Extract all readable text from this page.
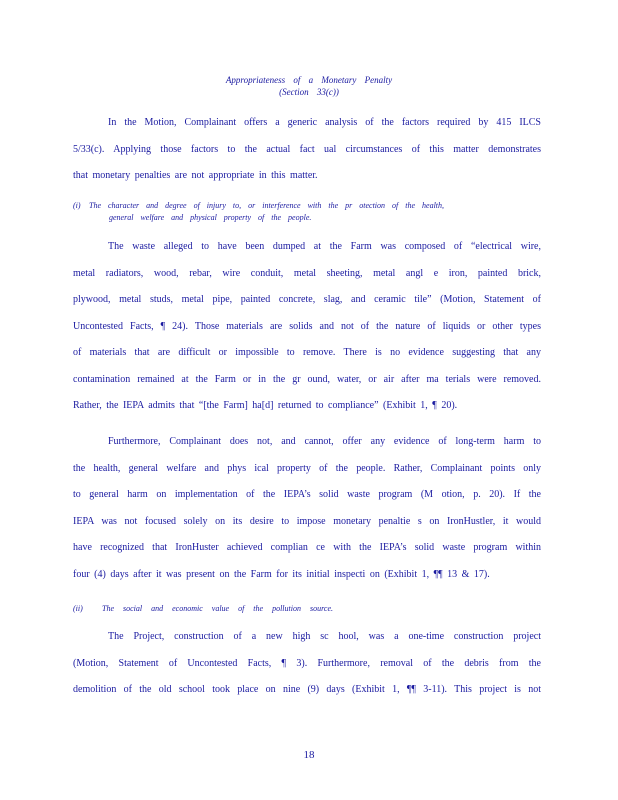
Appropriateness of a Monetary Penalty
(Section 33(c))
In the Motion, Complainant offers a generic analysis of the factors required by 415 ILCS
5/33(c). Applying those factors to the actual fact ual circumstances of this matter demonstrates
that monetary penalties are not appropriate in this matter.
(i) The character and degree of injury to, or interference with the pr otection of the health,
general welfare and physical property of the people.
The waste alleged to have been dumped at the Farm was composed of “electrical wire,
metal radiators, wood, rebar, wire conduit, metal sheeting, metal angl e iron, painted brick,
plywood, metal studs, metal pipe, painted concrete, slag, and ceramic tile” (Motion, Statement of
Uncontested Facts, ¶ 24). Those materials are solids and not of the nature of liquids or other types
of materials that are difficult or impossible to remove. There is no evidence suggesting that any
contamination remained at the Farm or in the gr ound, water, or air after ma terials were removed.
Rather, the IEPA admits that “[the Farm] ha[d] returned to compliance” (Exhibit 1, ¶ 20).
Furthermore, Complainant does not, and cannot, offer any evidence of long-term harm to
the health, general welfare and phys ical property of the people. Rather, Complainant points only
to general harm on implementation of the IEPA’s solid waste program (M otion, p. 20). If the
IEPA was not focused solely on its desire to impose monetary penaltie s on IronHustler, it would
have recognized that IronHuster achieved complian ce with the IEPA’s solid waste program within
four (4) days after it was present on the Farm for its initial inspecti on (Exhibit 1, ¶¶ 13 & 17).
(ii) The social and economic value of the pollution source.
The Project, construction of a new high sc hool, was a one-time construction project
(Motion, Statement of Uncontested Facts, ¶ 3). Furthermore, removal of the debris from the
demolition of the old school took place on nine (9) days (Exhibit 1, ¶¶ 3-11). This project is not
18
